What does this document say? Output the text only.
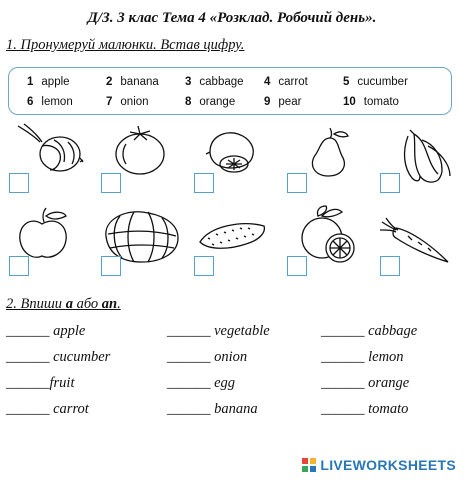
Д/З. 3 клас Тема 4 «Розклад. Робочий день».
1. Пронумеруй малюнки. Встав цифру.
1 apple	2 banana 3 cabbage 4 carrot	5 cucumber
6 lemon	7 onion	8 orange	9 pear	10 tomato
2. Впиши a або an.
______ apple	______ vegetable	______ cabbage
______ cucumber	______ onion	______ lemon
______fruit	______ egg	______ orange
______ carrot	______ banana	______ tomato
LIVEWORKSHEETS
